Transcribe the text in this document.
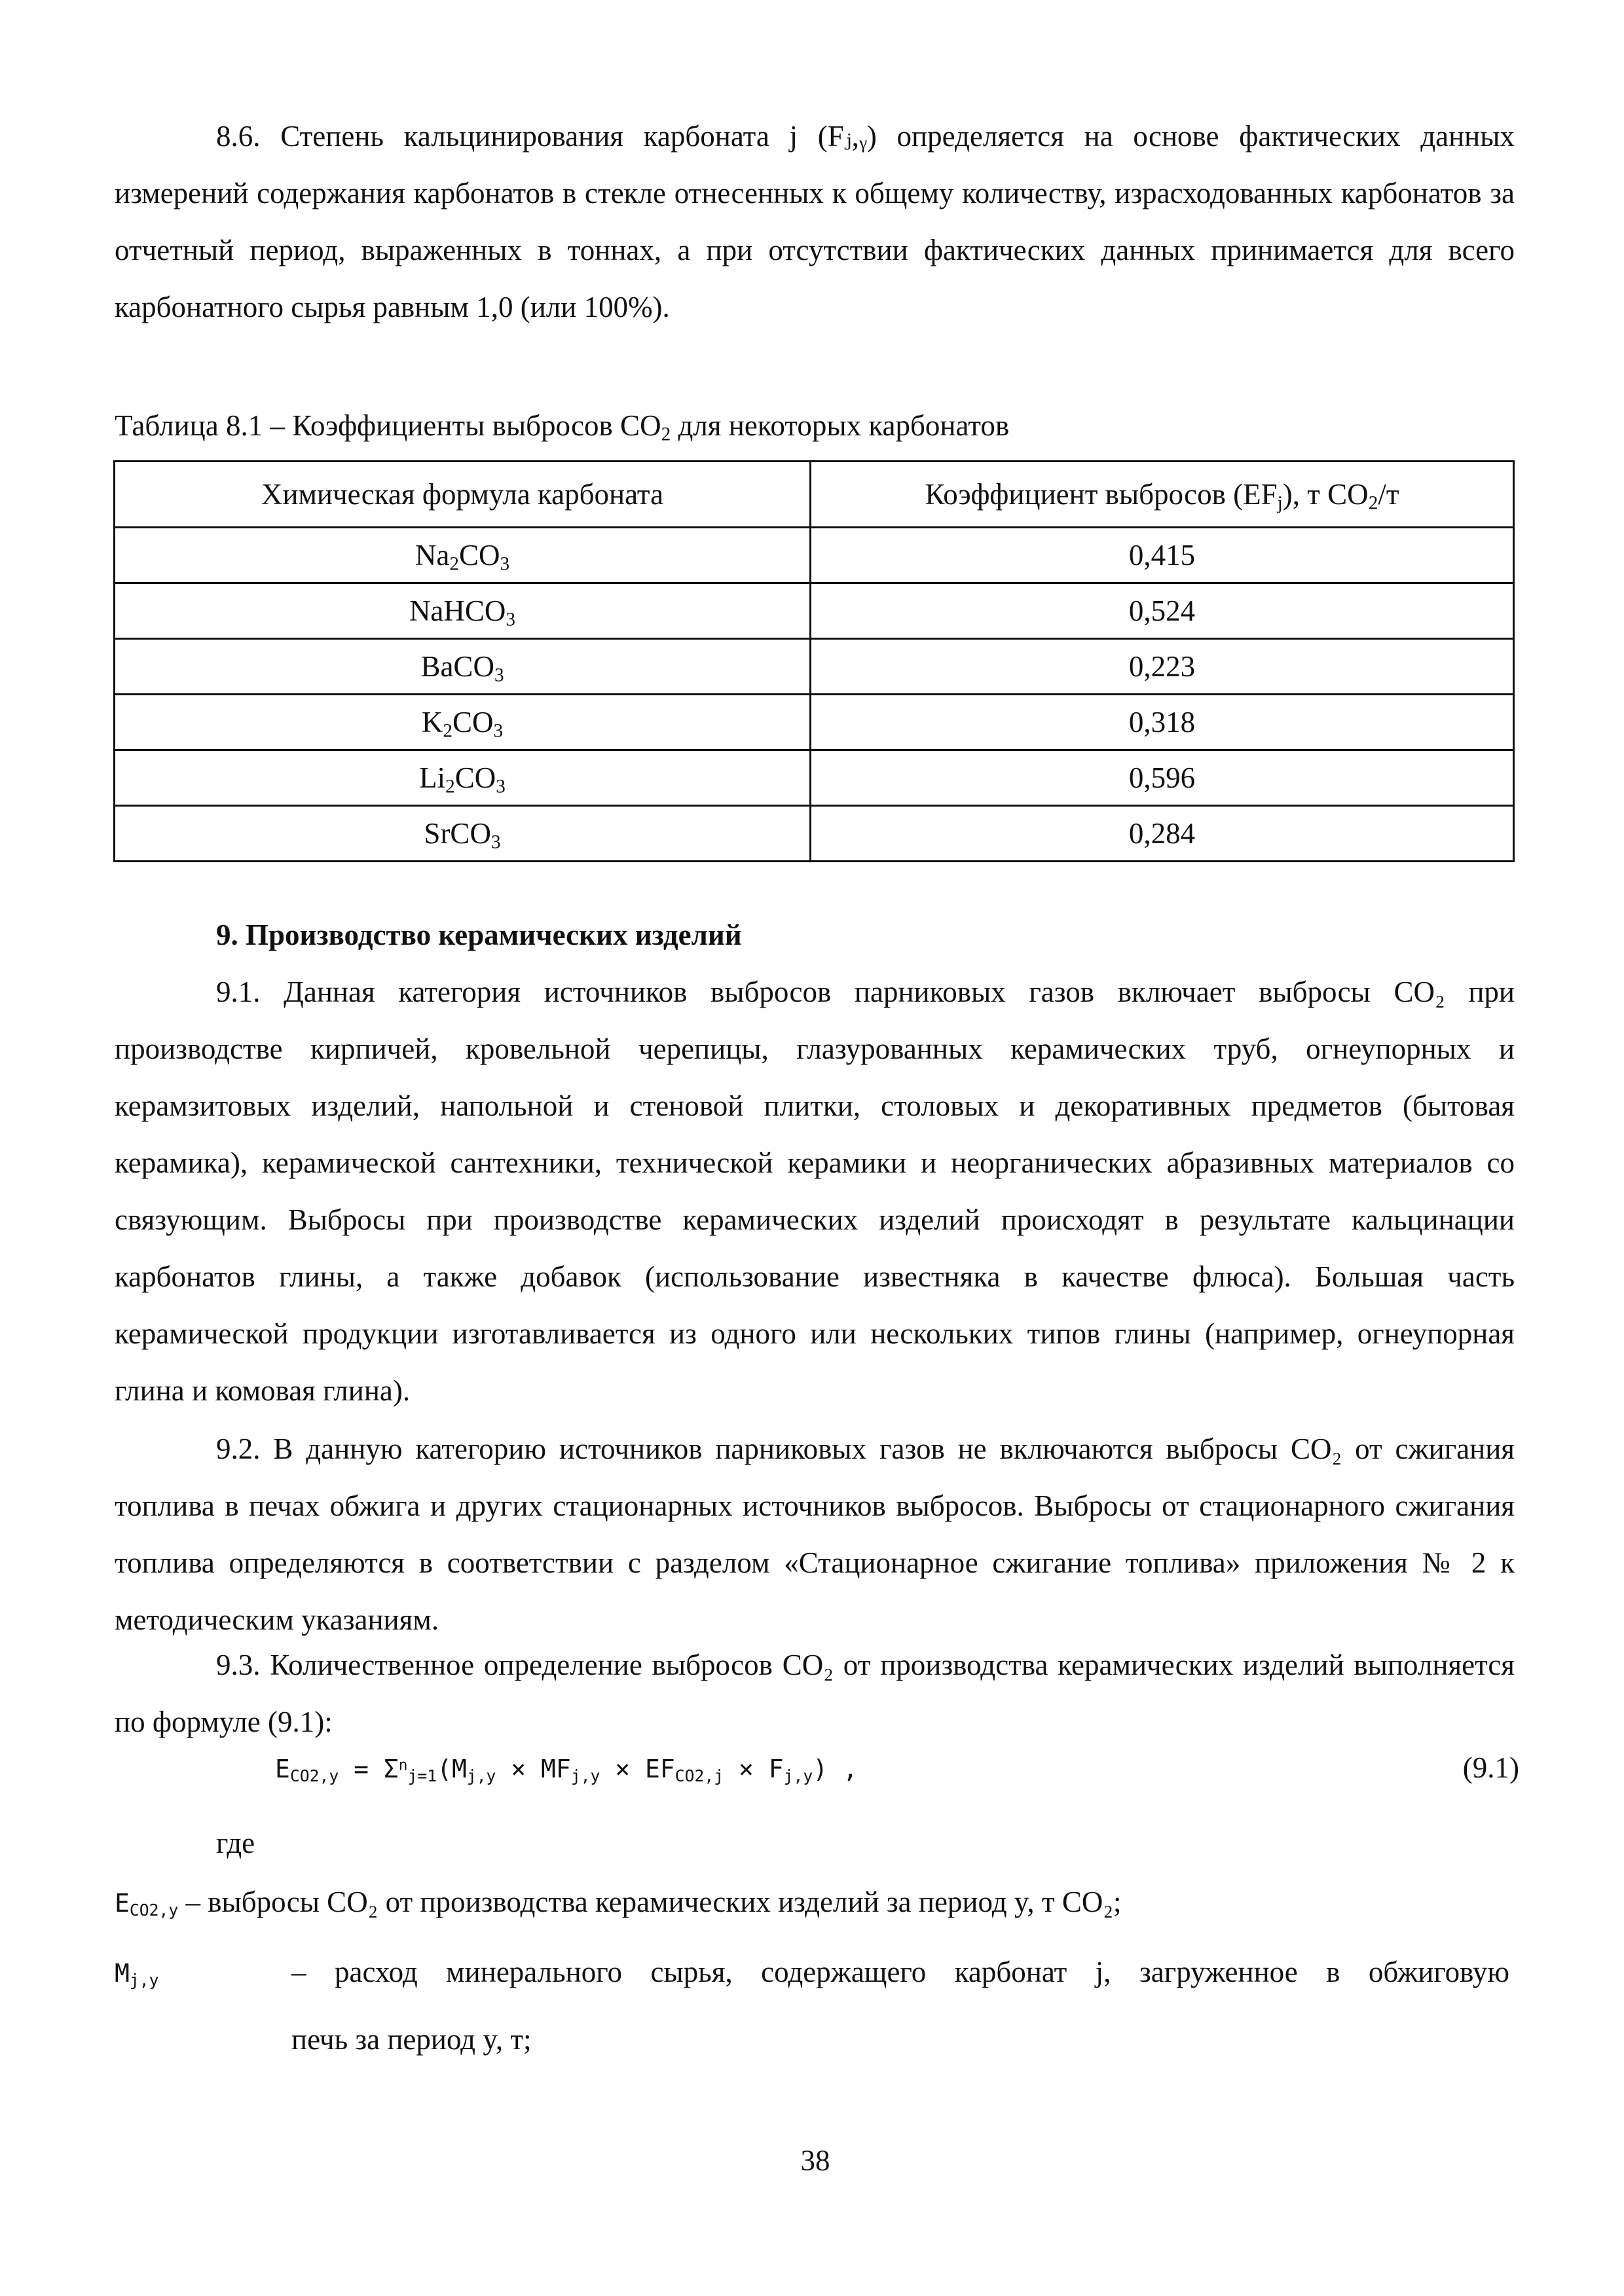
8.6. Степень кальцинирования карбоната j (Fⱼ,ᵧ) определяется на основе фактических данных измерений содержания карбонатов в стекле отнесенных к общему количеству, израсходованных карбонатов за отчетный период, выраженных в тоннах, а при отсутствии фактических данных принимается для всего карбонатного сырья равным 1,0 (или 100%).
Таблица 8.1 – Коэффициенты выбросов $CO_2$ для некоторых карбонатов
Химическая формула карбоната	Коэффициент выбросов $(EF_j)$, т $CO_2/т$
$Na_2CO_3$	0,415
NaHCO$_3$	0,524
BaCO$_3$	0,223
$K_2CO_3$	0,318
$Li_2CO_3$	0,596
SrCO$_3$	0,284
9. Производство керамических изделий
9.1. Данная категория источников выбросов парниковых газов включает выбросы CO₂ при производстве кирпичей, кровельной черепицы, глазурованных керамических труб, огнеупорных и керамзитовых изделий, напольной и стеновой плитки, столовых и декоративных предметов (бытовая керамика), керамической сантехники, технической керамики и неорганических абразивных материалов со связующим. Выбросы при производстве керамических изделий происходят в результате кальцинации карбонатов глины, а также добавок (использование известняка в качестве флюса). Большая часть керамической продукции изготавливается из одного или нескольких типов глины (например, огнеупорная глина и комовая глина).
9.2. В данную категорию источников парниковых газов не включаются выбросы CO₂ от сжигания топлива в печах обжига и других стационарных источников выбросов. Выбросы от стационарного сжигания топлива определяются в соответствии с разделом «Стационарное сжигание топлива» приложения № 2 к методическим указаниям.
9.3. Количественное определение выбросов CO₂ от производства керамических изделий выполняется по формуле (9.1):
$E_{CO2,y} = \Sigma^n_{j=1}(M_{j,y} \times MF_{j,y} \times EF_{CO2,j} \times F_{j,y})$ ,	(9.1)
где
$E_{CO2,y}$ – выбросы CO₂ от производства керамических изделий за период y, т CO₂;
$M_{j,y}$	– расход минерального сырья, содержащего карбонат j, загруженное в обжиговую
печь за период y, т;
38
